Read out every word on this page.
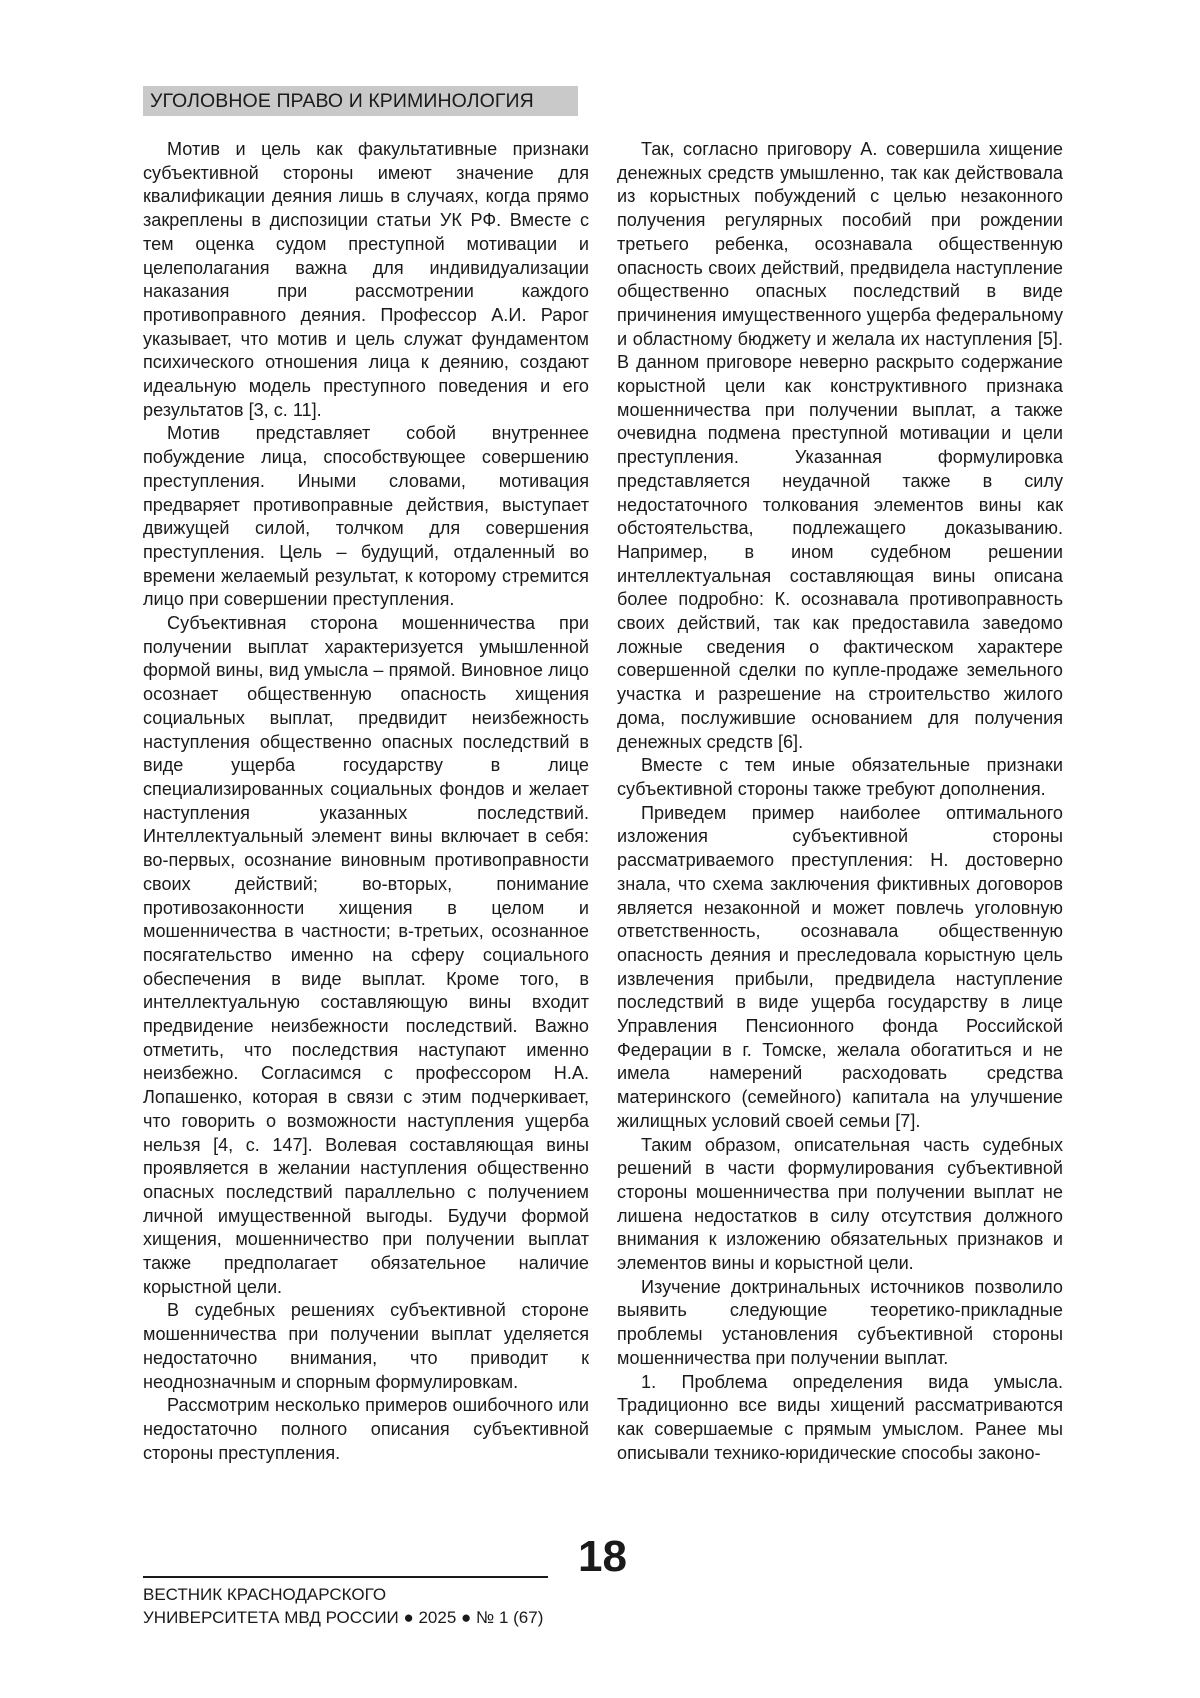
УГОЛОВНОЕ ПРАВО И КРИМИНОЛОГИЯ

Мотив и цель как факультативные признаки субъективной стороны имеют значение для квалификации деяния лишь в случаях, когда прямо закреплены в диспозиции статьи УК РФ. Вместе с тем оценка судом преступной мотивации и целеполагания важна для индивидуализации наказания при рассмотрении каждого противоправного деяния. Профессор А.И. Рарог указывает, что мотив и цель служат фундаментом психического отношения лица к деянию, создают идеальную модель преступного поведения и его результатов [3, с. 11].

Мотив представляет собой внутреннее побуждение лица, способствующее совершению преступления. Иными словами, мотивация предваряет противоправные действия, выступает движущей силой, толчком для совершения преступления. Цель – будущий, отдаленный во времени желаемый результат, к которому стремится лицо при совершении преступления.

Субъективная сторона мошенничества при получении выплат характеризуется умышленной формой вины, вид умысла – прямой. Виновное лицо осознает общественную опасность хищения социальных выплат, предвидит неизбежность наступления общественно опасных последствий в виде ущерба государству в лице специализированных социальных фондов и желает наступления указанных последствий. Интеллектуальный элемент вины включает в себя: во-первых, осознание виновным противоправности своих действий; во-вторых, понимание противозаконности хищения в целом и мошенничества в частности; в-третьих, осознанное посягательство именно на сферу социального обеспечения в виде выплат. Кроме того, в интеллектуальную составляющую вины входит предвидение неизбежности последствий. Важно отметить, что последствия наступают именно неизбежно. Согласимся с профессором Н.А. Лопашенко, которая в связи с этим подчеркивает, что говорить о возможности наступления ущерба нельзя [4, с. 147]. Волевая составляющая вины проявляется в желании наступления общественно опасных последствий параллельно с получением личной имущественной выгоды. Будучи формой хищения, мошенничество при получении выплат также предполагает обязательное наличие корыстной цели.

В судебных решениях субъективной стороне мошенничества при получении выплат уделяется недостаточно внимания, что приводит к неоднозначным и спорным формулировкам.

Рассмотрим несколько примеров ошибочного или недостаточно полного описания субъективной стороны преступления.

Так, согласно приговору А. совершила хищение денежных средств умышленно, так как действовала из корыстных побуждений с целью незаконного получения регулярных пособий при рождении третьего ребенка, осознавала общественную опасность своих действий, предвидела наступление общественно опасных последствий в виде причинения имущественного ущерба федеральному и областному бюджету и желала их наступления [5]. В данном приговоре неверно раскрыто содержание корыстной цели как конструктивного признака мошенничества при получении выплат, а также очевидна подмена преступной мотивации и цели преступления. Указанная формулировка представляется неудачной также в силу недостаточного толкования элементов вины как обстоятельства, подлежащего доказыванию. Например, в ином судебном решении интеллектуальная составляющая вины описана более подробно: К. осознавала противоправность своих действий, так как предоставила заведомо ложные сведения о фактическом характере совершенной сделки по купле-продаже земельного участка и разрешение на строительство жилого дома, послужившие основанием для получения денежных средств [6].

Вместе с тем иные обязательные признаки субъективной стороны также требуют дополнения.

Приведем пример наиболее оптимального изложения субъективной стороны рассматриваемого преступления: Н. достоверно знала, что схема заключения фиктивных договоров является незаконной и может повлечь уголовную ответственность, осознавала общественную опасность деяния и преследовала корыстную цель извлечения прибыли, предвидела наступление последствий в виде ущерба государству в лице Управления Пенсионного фонда Российской Федерации в г. Томске, желала обогатиться и не имела намерений расходовать средства материнского (семейного) капитала на улучшение жилищных условий своей семьи [7].

Таким образом, описательная часть судебных решений в части формулирования субъективной стороны мошенничества при получении выплат не лишена недостатков в силу отсутствия должного внимания к изложению обязательных признаков и элементов вины и корыстной цели.

Изучение доктринальных источников позволило выявить следующие теоретико-прикладные проблемы установления субъективной стороны мошенничества при получении выплат.

1. Проблема определения вида умысла. Традиционно все виды хищений рассматриваются как совершаемые с прямым умыслом. Ранее мы описывали технико-юридические способы законо-

18
ВЕСТНИК КРАСНОДАРСКОГО
УНИВЕРСИТЕТА МВД РОССИИ ● 2025 ● № 1 (67)
